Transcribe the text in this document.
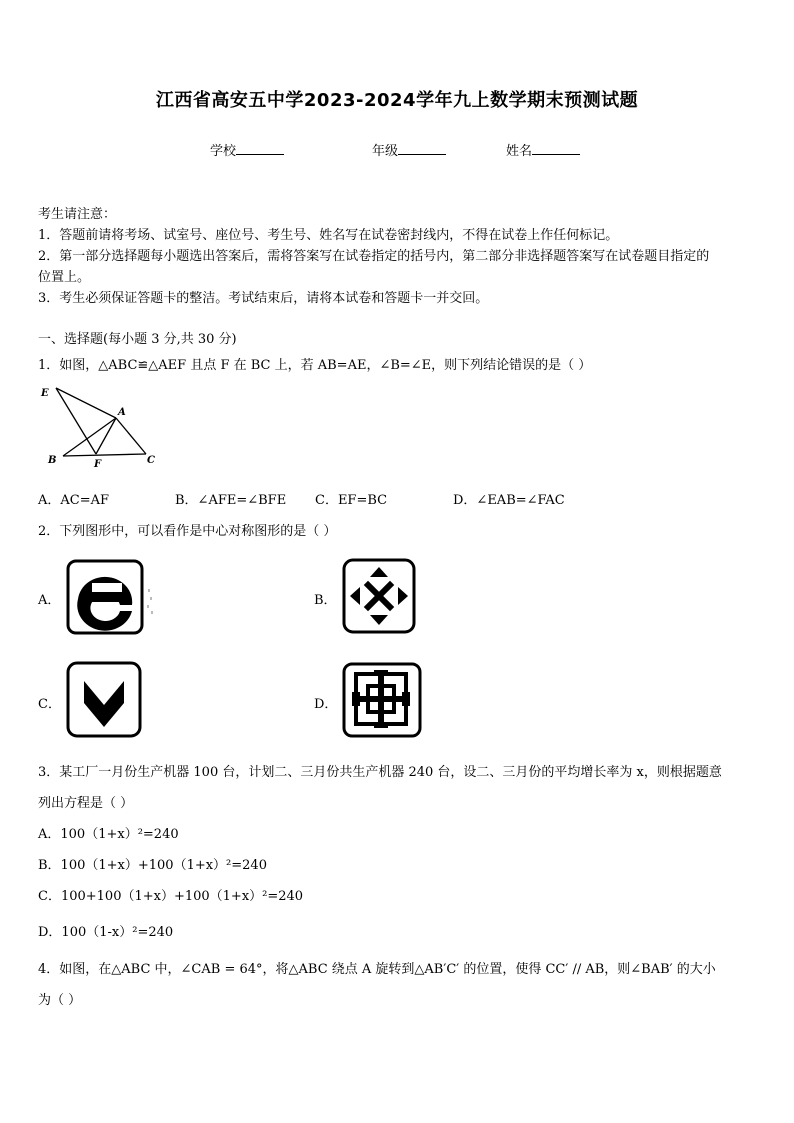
江西省高安五中学2023-2024学年九上数学期末预测试题
学校	年级	姓名
考生请注意：
1．答题前请将考场、试室号、座位号、考生号、姓名写在试卷密封线内，不得在试卷上作任何标记。
2．第一部分选择题每小题选出答案后，需将答案写在试卷指定的括号内，第二部分非选择题答案写在试卷题目指定的
位置上。
3．考生必须保证答题卡的整洁。考试结束后，请将本试卷和答题卡一并交回。
一、选择题(每小题 3 分,共 30 分)
1．如图，△ABC≌△AEF 且点 F 在 BC 上，若 AB=AE，∠B=∠E，则下列结论错误的是（ ）
E
A
B	F	C
A．AC=AF	B．∠AFE=∠BFE C．EF=BC	D．∠EAB=∠FAC
2．下列图形中，可以看作是中心对称图形的是（ ）
A．	B．
C．	D．
3．某工厂一月份生产机器 100 台，计划二、三月份共生产机器 240 台，设二、三月份的平均增长率为 x，则根据题意
列出方程是（ ）
A．100（1+x）²=240
B．100（1+x）+100（1+x）²=240
C．100+100（1+x）+100（1+x）²=240
D．100（1-x）²=240
4．如图，在△ABC 中，∠CAB = 64°，将△ABC 绕点 A 旋转到△AB′C′ 的位置，使得 CC′ // AB，则∠BAB′ 的大小
为（ ）
